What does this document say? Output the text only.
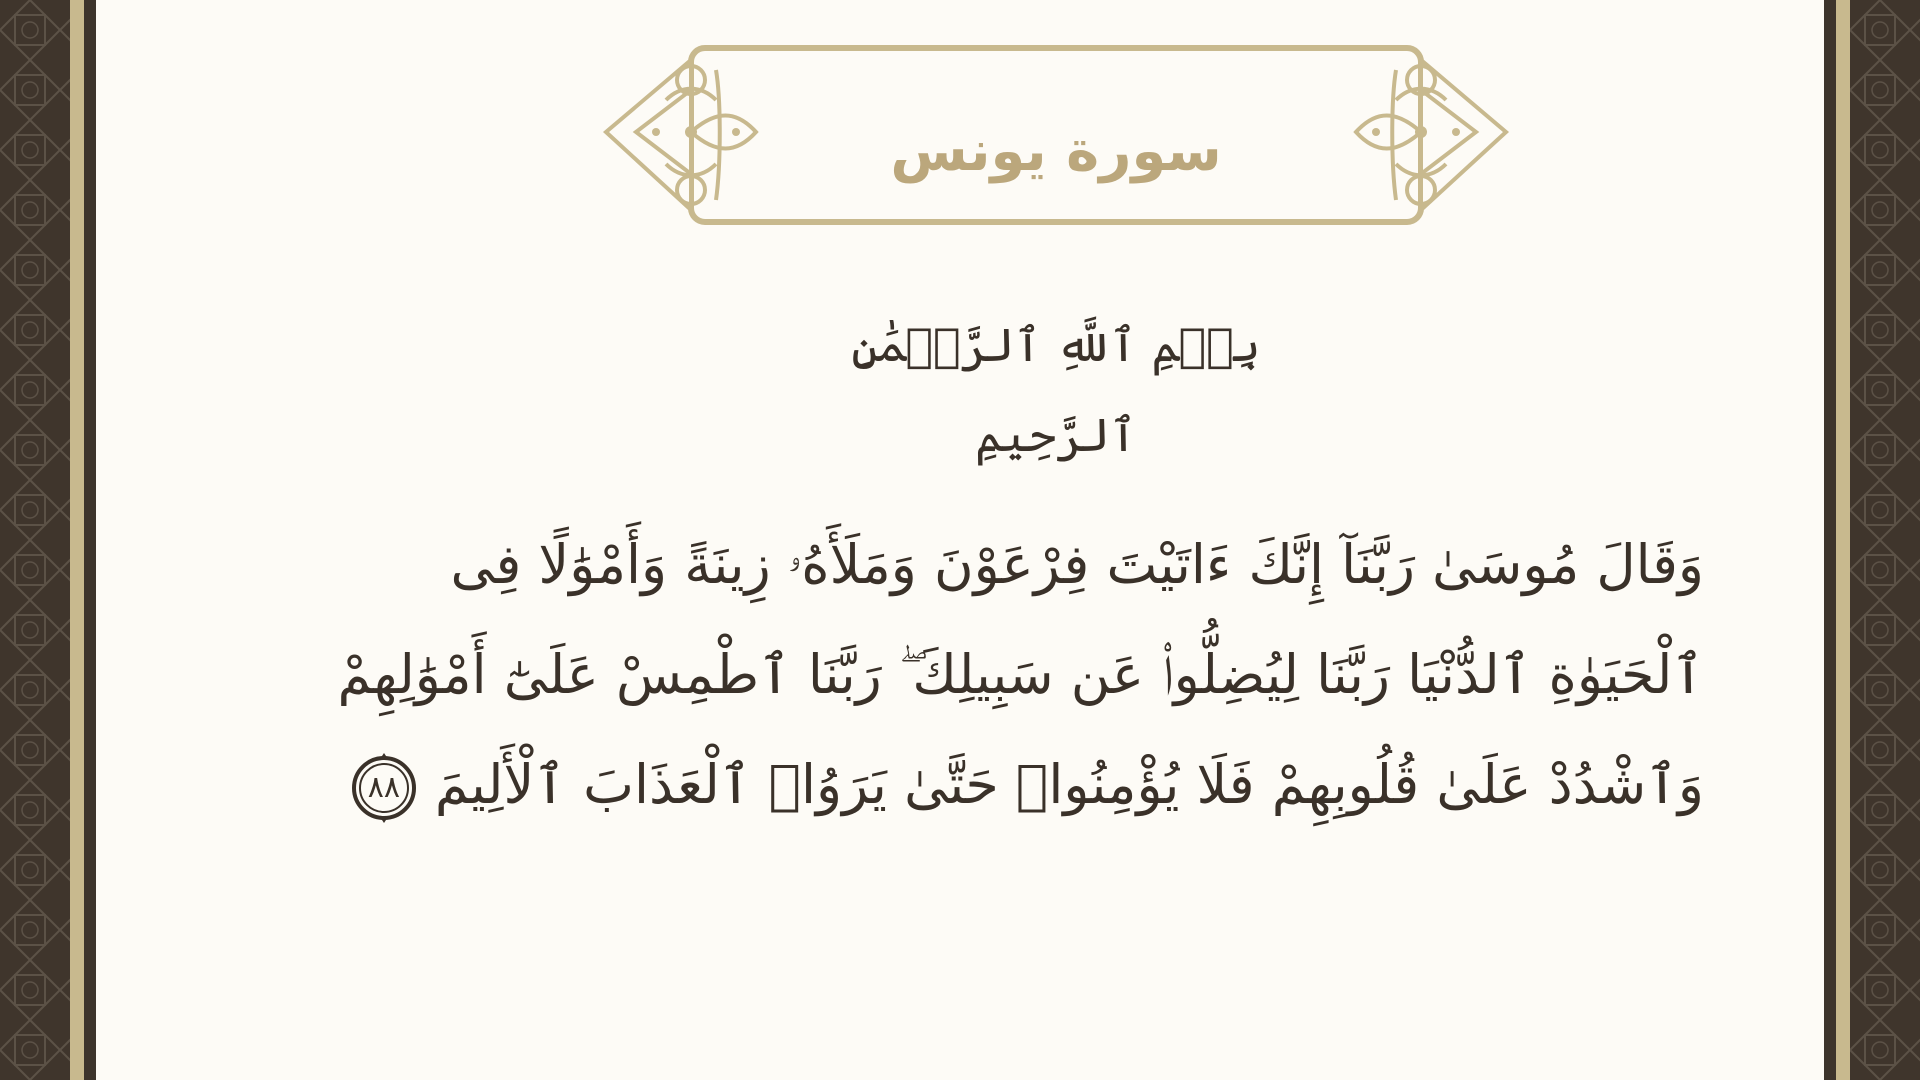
سورة يونس
بِسۡمِ ٱللَّهِ ٱلرَّحۡمَٰنِ ٱلرَّحِيمِ
وَقَالَ مُوسَىٰ رَبَّنَآ إِنَّكَ ءَاتَيْتَ فِرْعَوْنَ وَمَلَأَهُۥ زِينَةً وَأَمْوَٰلًا فِى
ٱلْحَيَوٰةِ ٱلدُّنْيَا رَبَّنَا لِيُضِلُّوا۟ عَن سَبِيلِكَ ۖ رَبَّنَا ٱطْمِسْ عَلَىٰٓ أَمْوَٰلِهِمْ
وَٱشْدُدْ عَلَىٰ قُلُوبِهِمْ فَلَا يُؤْمِنُوا۟ حَتَّىٰ يَرَوُا۟ ٱلْعَذَابَ ٱلْأَلِيمَ
٨٨
